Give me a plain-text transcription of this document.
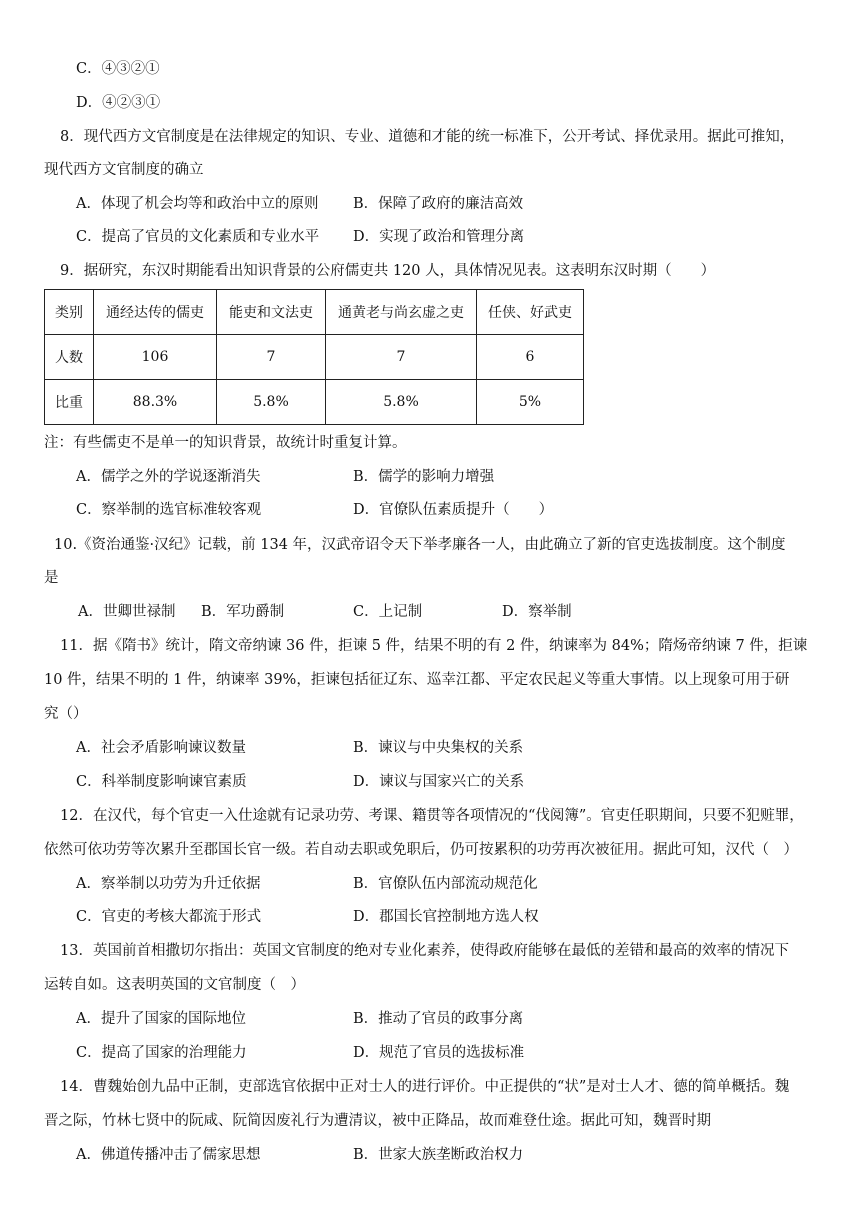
C．④③②①
D．④②③①
8．现代西方文官制度是在法律规定的知识、专业、道德和才能的统一标准下，公开考试、择优录用。据此可推知，
现代西方文官制度的确立
A．体现了机会均等和政治中立的原则 B．保障了政府的廉洁高效
C．提高了官员的文化素质和专业水平 D．实现了政治和管理分离
9．据研究，东汉时期能看出知识背景的公府儒吏共 120 人，具体情况见表。这表明东汉时期（　　）
类别	通经达传的儒吏	能吏和文法吏	通黄老与尚玄虚之吏	任侠、好武吏
人数	106	7	7	6
比重	88.3%	5.8%	5.8%	5%
注：有些儒吏不是单一的知识背景，故统计时重复计算。
A．儒学之外的学说逐渐消失	B．儒学的影响力增强
C．察举制的选官标准较客观	D．官僚队伍素质提升（　　）
10.《资治通鉴·汉纪》记载，前 134 年，汉武帝诏令天下举孝廉各一人，由此确立了新的官吏选拔制度。这个制度
是
A．世卿世禄制 B．军功爵制	C．上记制	D．察举制
11．据《隋书》统计，隋文帝纳谏 36 件，拒谏 5 件，结果不明的有 2 件，纳谏率为 84%；隋炀帝纳谏 7 件，拒谏
10 件，结果不明的 1 件，纳谏率 39%，拒谏包括征辽东、巡幸江都、平定农民起义等重大事情。以上现象可用于研
究（）
A．社会矛盾影响谏议数量	B．谏议与中央集权的关系
C．科举制度影响谏官素质	D．谏议与国家兴亡的关系
12．在汉代，每个官吏一入仕途就有记录功劳、考课、籍贯等各项情况的“伐阅簿”。官吏任职期间，只要不犯赃罪，
依然可依功劳等次累升至郡国长官一级。若自动去职或免职后，仍可按累积的功劳再次被征用。据此可知，汉代（　）
A．察举制以功劳为升迁依据	B．官僚队伍内部流动规范化
C．官吏的考核大都流于形式	D．郡国长官控制地方选人权
13．英国前首相撒切尔指出：英国文官制度的绝对专业化素养，使得政府能够在最低的差错和最高的效率的情况下
运转自如。这表明英国的文官制度（　）
A．提升了国家的国际地位	B．推动了官员的政事分离
C．提高了国家的治理能力	D．规范了官员的选拔标准
14．曹魏始创九品中正制，吏部选官依据中正对士人的进行评价。中正提供的“状”是对士人才、德的简单概括。魏
晋之际，竹林七贤中的阮咸、阮简因废礼行为遭清议，被中正降品，故而难登仕途。据此可知，魏晋时期
A．佛道传播冲击了儒家思想	B．世家大族垄断政治权力
